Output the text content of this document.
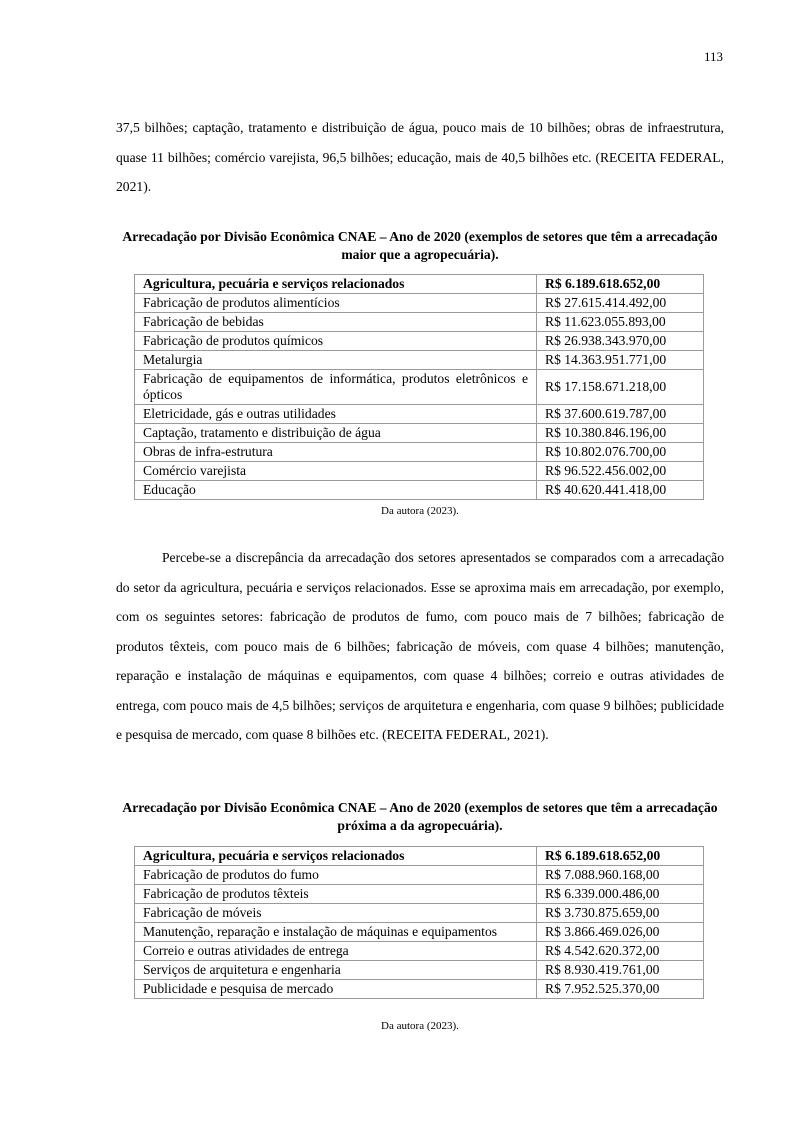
113

37,5 bilhões; captação, tratamento e distribuição de água, pouco mais de 10 bilhões; obras de infraestrutura, quase 11 bilhões; comércio varejista, 96,5 bilhões; educação, mais de 40,5 bilhões etc. (RECEITA FEDERAL, 2021).

Arrecadação por Divisão Econômica CNAE – Ano de 2020 (exemplos de setores que têm a arrecadação maior que a agropecuária).

Agricultura, pecuária e serviços relacionados	R$ 6.189.618.652,00
Fabricação de produtos alimentícios	R$ 27.615.414.492,00
Fabricação de bebidas	R$ 11.623.055.893,00
Fabricação de produtos químicos	R$ 26.938.343.970,00
Metalurgia	R$ 14.363.951.771,00
Fabricação de equipamentos de informática, produtos eletrônicos e ópticos	R$ 17.158.671.218,00
Eletricidade, gás e outras utilidades	R$ 37.600.619.787,00
Captação, tratamento e distribuição de água	R$ 10.380.846.196,00
Obras de infra-estrutura	R$ 10.802.076.700,00
Comércio varejista	R$ 96.522.456.002,00
Educação	R$ 40.620.441.418,00
Da autora (2023).

Percebe-se a discrepância da arrecadação dos setores apresentados se comparados com a arrecadação do setor da agricultura, pecuária e serviços relacionados. Esse se aproxima mais em arrecadação, por exemplo, com os seguintes setores: fabricação de produtos de fumo, com pouco mais de 7 bilhões; fabricação de produtos têxteis, com pouco mais de 6 bilhões; fabricação de móveis, com quase 4 bilhões; manutenção, reparação e instalação de máquinas e equipamentos, com quase 4 bilhões; correio e outras atividades de entrega, com pouco mais de 4,5 bilhões; serviços de arquitetura e engenharia, com quase 9 bilhões; publicidade e pesquisa de mercado, com quase 8 bilhões etc. (RECEITA FEDERAL, 2021).

Arrecadação por Divisão Econômica CNAE – Ano de 2020 (exemplos de setores que têm a arrecadação próxima a da agropecuária).

Agricultura, pecuária e serviços relacionados	R$ 6.189.618.652,00
Fabricação de produtos do fumo	R$ 7.088.960.168,00
Fabricação de produtos têxteis	R$ 6.339.000.486,00
Fabricação de móveis	R$ 3.730.875.659,00
Manutenção, reparação e instalação de máquinas e equipamentos	R$ 3.866.469.026,00
Correio e outras atividades de entrega	R$ 4.542.620.372,00
Serviços de arquitetura e engenharia	R$ 8.930.419.761,00
Publicidade e pesquisa de mercado	R$ 7.952.525.370,00
Da autora (2023).
